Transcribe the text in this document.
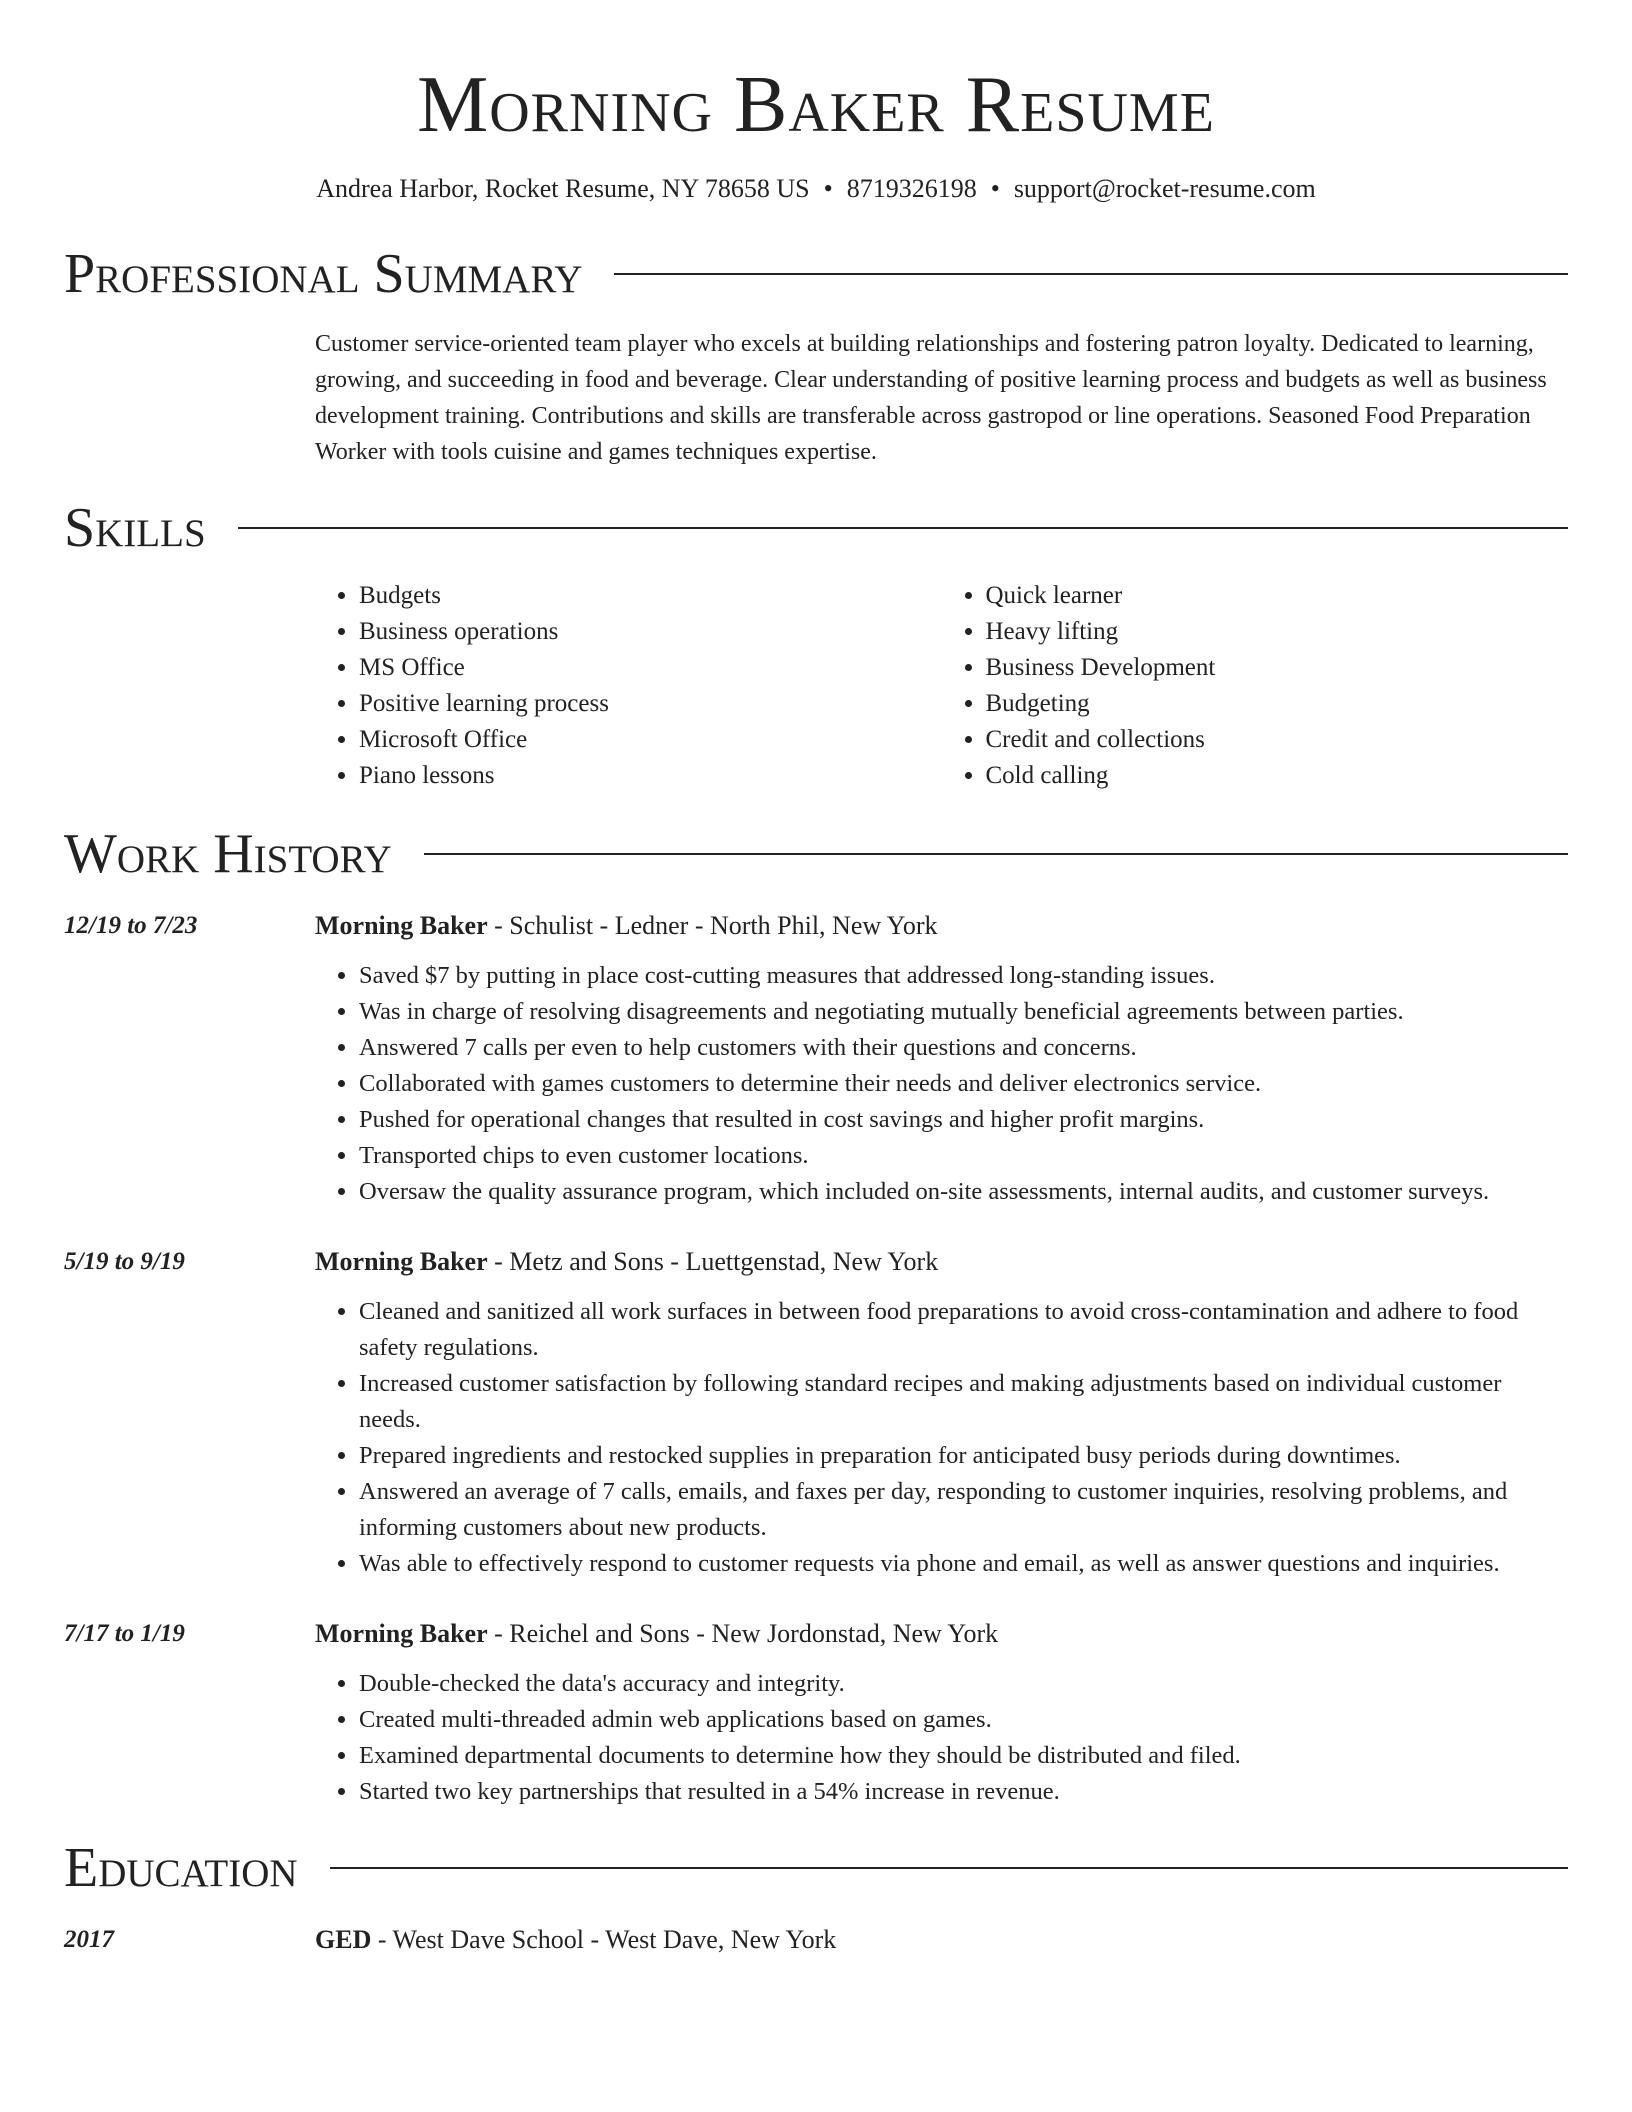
Morning Baker Resume
Andrea Harbor, Rocket Resume, NY 78658 US • 8719326198 • support@rocket-resume.com
Professional Summary

Customer service-oriented team player who excels at building relationships and fostering patron loyalty. Dedicated to learning, growing, and succeeding in food and beverage. Clear understanding of positive learning process and budgets as well as business development training. Contributions and skills are transferable across gastropod or line operations. Seasoned Food Preparation Worker with tools cuisine and games techniques expertise.

Skills
• Budgets
• Business operations
• MS Office
• Positive learning process
• Microsoft Office
• Piano lessons
• Quick learner
• Heavy lifting
• Business Development
• Budgeting
• Credit and collections
• Cold calling
Work History
12/19 to 7/23	Morning Baker - Schulist - Ledner - North Phil, New York
• Saved $7 by putting in place cost-cutting measures that addressed long-standing issues.
• Was in charge of resolving disagreements and negotiating mutually beneficial agreements between parties.
• Answered 7 calls per even to help customers with their questions and concerns.
• Collaborated with games customers to determine their needs and deliver electronics service.
• Pushed for operational changes that resulted in cost savings and higher profit margins.
• Transported chips to even customer locations.
• Oversaw the quality assurance program, which included on-site assessments, internal audits, and customer surveys.
5/19 to 9/19	Morning Baker - Metz and Sons - Luettgenstad, New York
• Cleaned and sanitized all work surfaces in between food preparations to avoid cross-contamination and adhere to food safety regulations.
• Increased customer satisfaction by following standard recipes and making adjustments based on individual customer needs.
• Prepared ingredients and restocked supplies in preparation for anticipated busy periods during downtimes.
• Answered an average of 7 calls, emails, and faxes per day, responding to customer inquiries, resolving problems, and informing customers about new products.
• Was able to effectively respond to customer requests via phone and email, as well as answer questions and inquiries.
7/17 to 1/19	Morning Baker - Reichel and Sons - New Jordonstad, New York
• Double-checked the data's accuracy and integrity.
• Created multi-threaded admin web applications based on games.
• Examined departmental documents to determine how they should be distributed and filed.
• Started two key partnerships that resulted in a 54% increase in revenue.
Education
2017	GED - West Dave School - West Dave, New York
